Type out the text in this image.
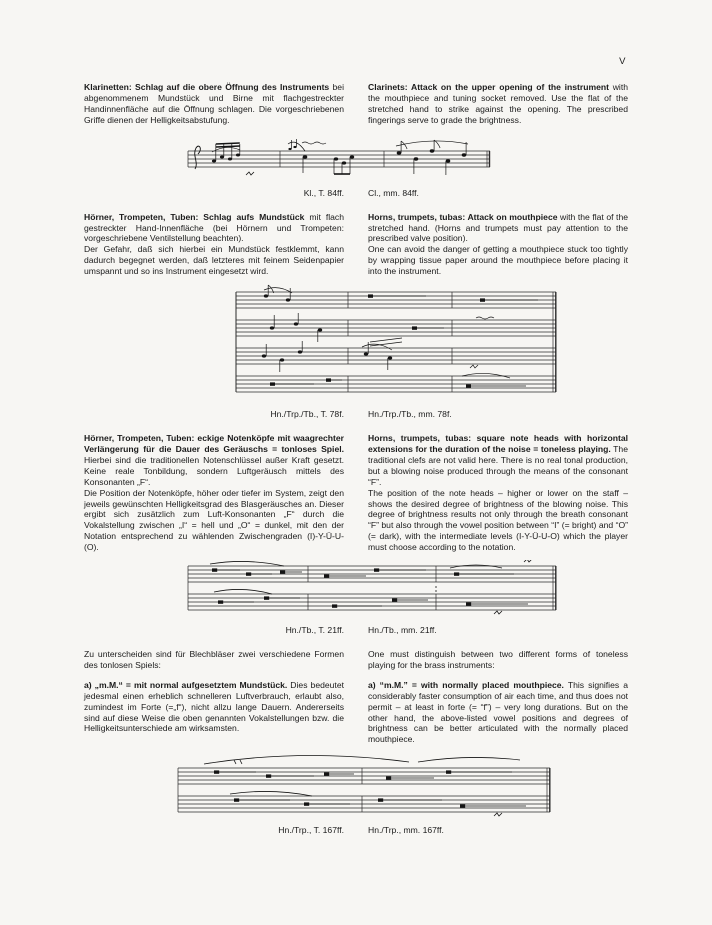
V

Klarinetten: Schlag auf die obere Öffnung des Instruments bei abgenommenem Mundstück und Birne mit flachgestreckter Handinnenfläche auf die Öffnung schlagen. Die vorgeschriebenen Griffe dienen der Helligkeitsabstufung.

Clarinets: Attack on the upper opening of the instrument with the mouthpiece and tuning socket removed. Use the flat of the stretched hand to strike against the opening. The prescribed fingerings serve to grade the brightness.

Kl., T. 84ff.	Cl., mm. 84ff.

Hörner, Trompeten, Tuben: Schlag aufs Mundstück mit flach gestreckter Hand-Innenfläche (bei Hörnern und Trompeten: vorgeschriebene Ventilstellung beachten).

Der Gefahr, daß sich hierbei ein Mundstück festklemmt, kann dadurch begegnet werden, daß letzteres mit feinem Seidenpapier umspannt und so ins Instrument eingesetzt wird.

Horns, trumpets, tubas: Attack on mouthpiece with the flat of the stretched hand. (Horns and trumpets must pay attention to the prescribed valve position).

One can avoid the danger of getting a mouthpiece stuck too tightly by wrapping tissue paper around the mouthpiece before placing it into the instrument.

Hn./Trp./Tb., T. 78f.	Hn./Trp./Tb., mm. 78f.

Hörner, Trompeten, Tuben: eckige Notenköpfe mit waagrechter Verlängerung für die Dauer des Geräuschs = tonloses Spiel. Hierbei sind die traditionellen Notenschlüssel außer Kraft gesetzt. Keine reale Tonbildung, sondern Luftgeräusch mittels des Konsonanten „F“.

Die Position der Notenköpfe, höher oder tiefer im System, zeigt den jeweils gewünschten Helligkeitsgrad des Blasgeräusches an. Dieser ergibt sich zusätzlich zum Luft-Konsonanten „F“ durch die Vokalstellung zwischen „I“ = hell und „O“ = dunkel, mit den der Notation entsprechend zu wählenden Zwischengraden (I)-Y-Ü-U-(O).

Horns, trumpets, tubas: square note heads with horizontal extensions for the duration of the noise = toneless playing. The traditional clefs are not valid here. There is no real tonal production, but a blowing noise produced through the means of the consonant “F”.

The position of the note heads – higher or lower on the staff – shows the desired degree of brightness of the blowing noise. This degree of brightness results not only through the breath consonant “F” but also through the vowel position between “I” (= bright) and “O” (= dark), with the intermediate levels (I-Y-Ü-U-O) which the player must choose according to the notation.

Hn./Tb., T. 21ff.	Hn./Tb., mm. 21ff.

Zu unterscheiden sind für Blechbläser zwei verschiedene Formen des tonlosen Spiels:

a) „m.M.“ = mit normal aufgesetztem Mundstück. Dies bedeutet jedesmal einen erheblich schnelleren Luftverbrauch, erlaubt also, zumindest im Forte (=„f“), nicht allzu lange Dauern. Andererseits sind auf diese Weise die oben genannten Vokalstellungen bzw. die Helligkeitsunterschiede am wirksamsten.

One must distinguish between two different forms of toneless playing for the brass instruments:

a) “m.M.” = with normally placed mouthpiece. This signifies a considerably faster consumption of air each time, and thus does not permit – at least in forte (= “f”) – very long durations. But on the other hand, the above-listed vowel positions and degrees of brightness can be better articulated with the normally placed mouthpiece.

Hn./Trp., T. 167ff.	Hn./Trp., mm. 167ff.
